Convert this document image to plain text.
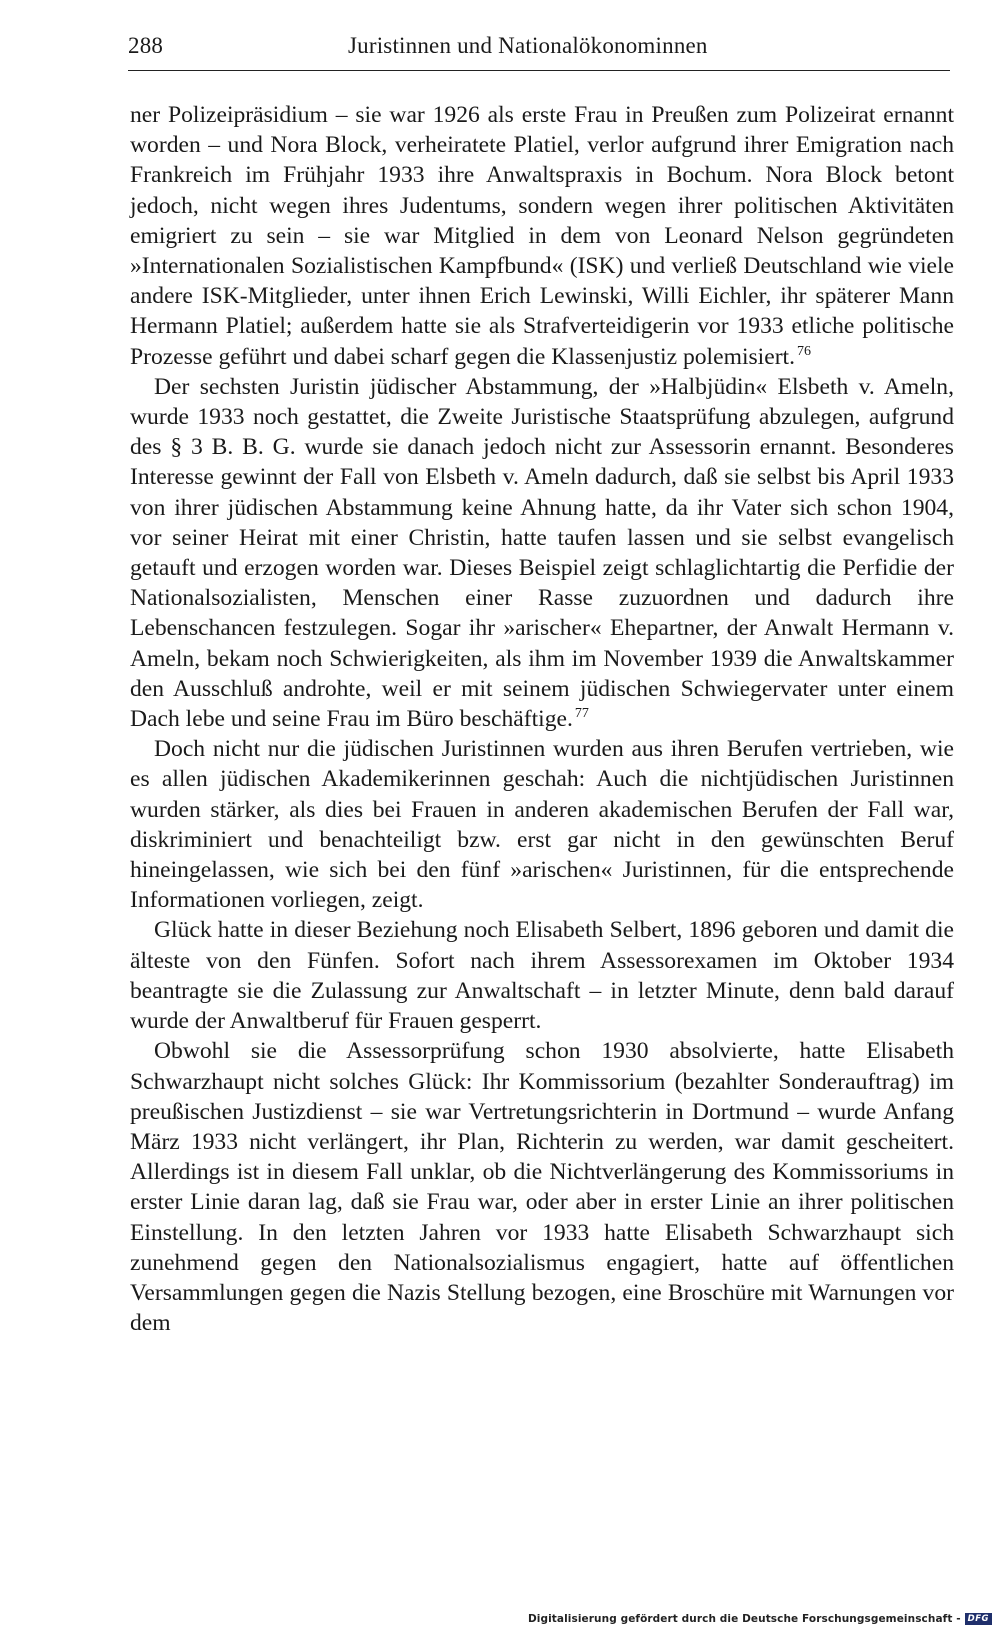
288	Juristinnen und Nationalökonominnen

ner Polizeipräsidium – sie war 1926 als erste Frau in Preußen zum Polizeirat ernannt worden – und Nora Block, verheiratete Platiel, verlor aufgrund ihrer Emigration nach Frankreich im Frühjahr 1933 ihre Anwaltspraxis in Bochum. Nora Block betont jedoch, nicht wegen ihres Judentums, sondern wegen ihrer politischen Aktivitäten emigriert zu sein – sie war Mitglied in dem von Leonard Nelson gegründeten »Internationalen Sozialistischen Kampfbund« (ISK) und verließ Deutschland wie viele andere ISK-Mitglieder, unter ihnen Erich Lewinski, Willi Eichler, ihr späterer Mann Hermann Platiel; außerdem hatte sie als Strafverteidigerin vor 1933 etliche politische Prozesse geführt und dabei scharf gegen die Klassenjustiz polemisiert. $^{76}$

Der sechsten Juristin jüdischer Abstammung, der »Halbjüdin« Elsbeth v. Ameln, wurde 1933 noch gestattet, die Zweite Juristische Staatsprüfung abzulegen, aufgrund des § 3 B. B. G. wurde sie danach jedoch nicht zur Assessorin ernannt. Besonderes Interesse gewinnt der Fall von Elsbeth v. Ameln dadurch, daß sie selbst bis April 1933 von ihrer jüdischen Abstammung keine Ahnung hatte, da ihr Vater sich schon 1904, vor seiner Heirat mit einer Christin, hatte taufen lassen und sie selbst evangelisch getauft und erzogen worden war. Dieses Beispiel zeigt schlaglichtartig die Perfidie der Nationalsozialisten, Menschen einer Rasse zuzuordnen und dadurch ihre Lebenschancen festzulegen. Sogar ihr »arischer« Ehepartner, der Anwalt Hermann v. Ameln, bekam noch Schwierigkeiten, als ihm im November 1939 die Anwaltskammer den Ausschluß androhte, weil er mit seinem jüdischen Schwiegervater unter einem Dach lebe und seine Frau im Büro beschäftige. $^{77}$

Doch nicht nur die jüdischen Juristinnen wurden aus ihren Berufen vertrieben, wie es allen jüdischen Akademikerinnen geschah: Auch die nichtjüdischen Juristinnen wurden stärker, als dies bei Frauen in anderen akademischen Berufen der Fall war, diskriminiert und benachteiligt bzw. erst gar nicht in den gewünschten Beruf hineingelassen, wie sich bei den fünf »arischen« Juristinnen, für die entsprechende Informationen vorliegen, zeigt.

Glück hatte in dieser Beziehung noch Elisabeth Selbert, 1896 geboren und damit die älteste von den Fünfen. Sofort nach ihrem Assessorexamen im Oktober 1934 beantragte sie die Zulassung zur Anwaltschaft – in letzter Minute, denn bald darauf wurde der Anwaltberuf für Frauen gesperrt.

Obwohl sie die Assessorprüfung schon 1930 absolvierte, hatte Elisabeth Schwarzhaupt nicht solches Glück: Ihr Kommissorium (bezahlter Sonderauftrag) im preußischen Justizdienst – sie war Vertretungsrichterin in Dortmund – wurde Anfang März 1933 nicht verlängert, ihr Plan, Richterin zu werden, war damit gescheitert. Allerdings ist in diesem Fall unklar, ob die Nichtverlängerung des Kommissoriums in erster Linie daran lag, daß sie Frau war, oder aber in erster Linie an ihrer politischen Einstellung. In den letzten Jahren vor 1933 hatte Elisabeth Schwarzhaupt sich zunehmend gegen den Nationalsozialismus engagiert, hatte auf öffentlichen Versammlungen gegen die Nazis Stellung bezogen, eine Broschüre mit Warnungen vor dem

Digitalisierung gefördert durch die Deutsche Forschungsgemeinschaft - DFG
